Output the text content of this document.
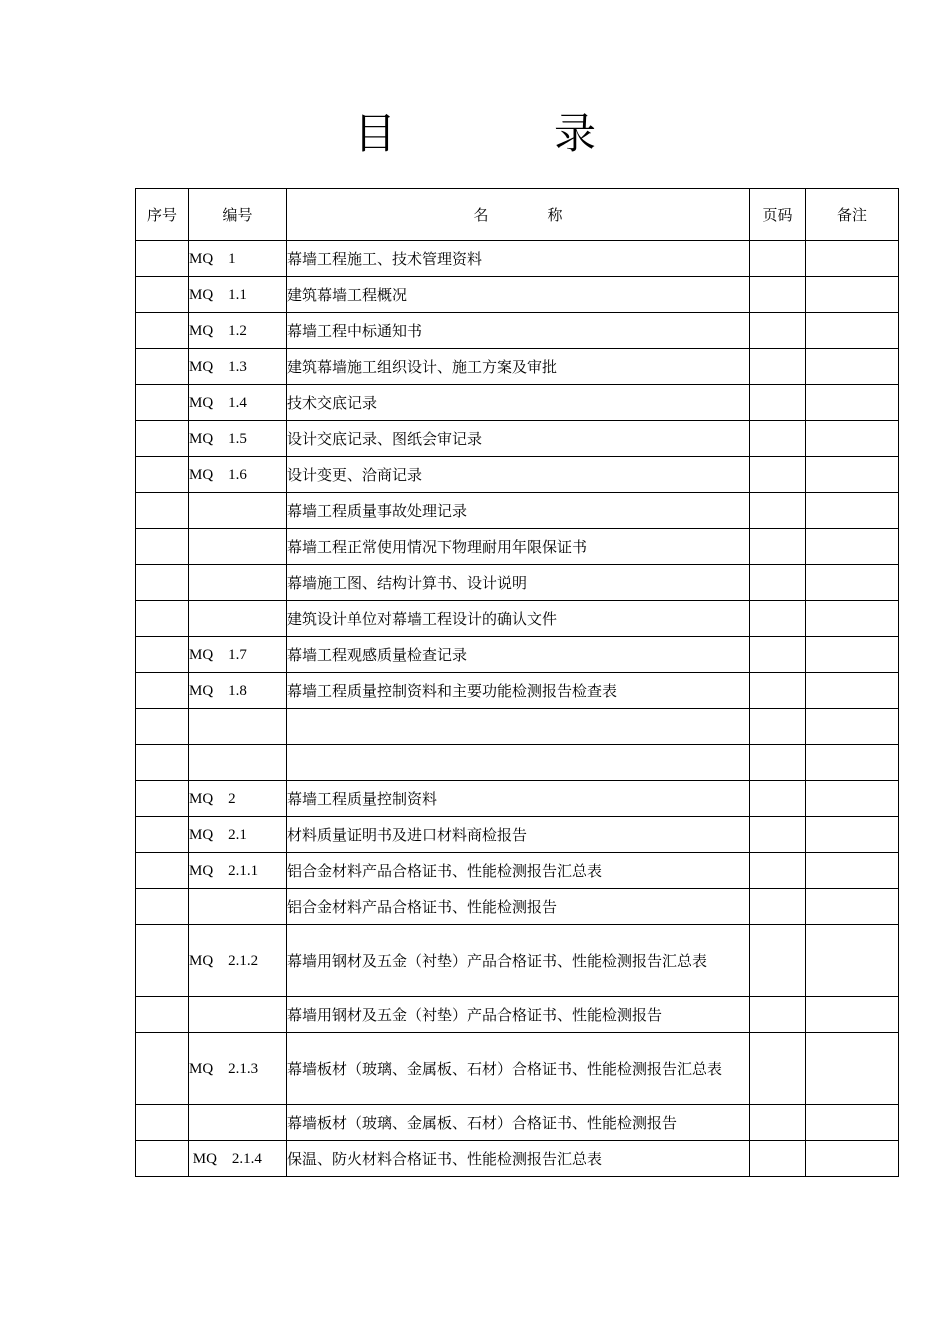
目　录
序号	编号	名 称	页码	备注
	MQ    1	幕墙工程施工、技术管理资料		
	MQ    1.1	建筑幕墙工程概况		
	MQ    1.2	幕墙工程中标通知书		
	MQ    1.3	建筑幕墙施工组织设计、施工方案及审批		
	MQ    1.4	技术交底记录		
	MQ    1.5	设计交底记录、图纸会审记录		
	MQ    1.6	设计变更、洽商记录		
		幕墙工程质量事故处理记录		
		幕墙工程正常使用情况下物理耐用年限保证书		
		幕墙施工图、结构计算书、设计说明		
		建筑设计单位对幕墙工程设计的确认文件		
	MQ    1.7	幕墙工程观感质量检查记录		
	MQ    1.8	幕墙工程质量控制资料和主要功能检测报告检查表		

	MQ    2	幕墙工程质量控制资料		
	MQ    2.1	材料质量证明书及进口材料商检报告		
	MQ    2.1.1	铝合金材料产品合格证书、性能检测报告汇总表		
		铝合金材料产品合格证书、性能检测报告		
	MQ    2.1.2	幕墙用钢材及五金（衬垫）产品合格证书、性能检测报告汇总表		
		幕墙用钢材及五金（衬垫）产品合格证书、性能检测报告		
	MQ    2.1.3	幕墙板材（玻璃、金属板、石材）合格证书、性能检测报告汇总表		
		幕墙板材（玻璃、金属板、石材）合格证书、性能检测报告		
	MQ    2.1.4	保温、防火材料合格证书、性能检测报告汇总表		
